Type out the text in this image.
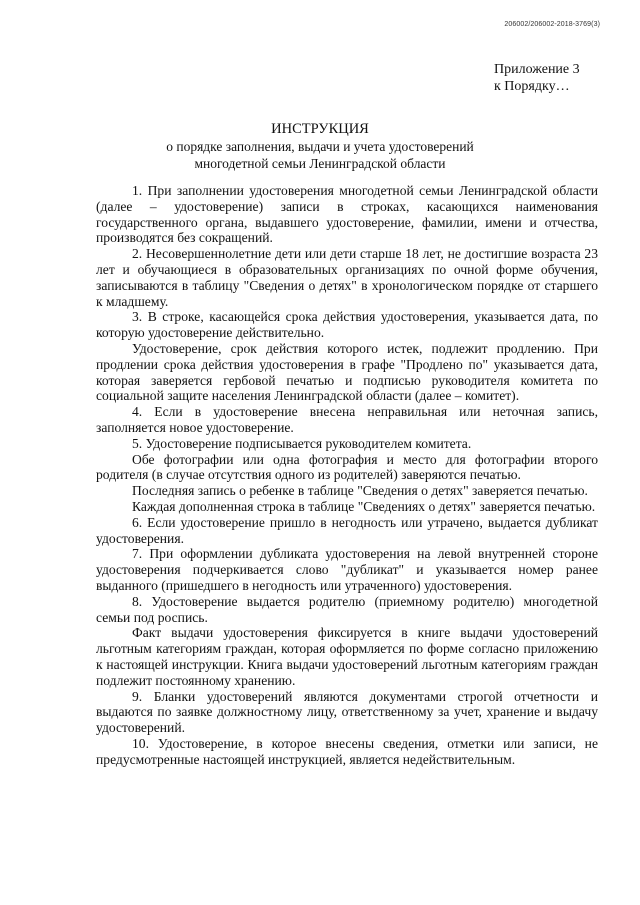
206002/206002-2018-3769(3)
Приложение 3
к Порядку…
ИНСТРУКЦИЯ
о порядке заполнения, выдачи и учета удостоверений
многодетной семьи Ленинградской области

1. При заполнении удостоверения многодетной семьи Ленинградской области (далее – удостоверение) записи в строках, касающихся наименования государственного органа, выдавшего удостоверение, фамилии, имени и отчества, производятся без сокращений.

2. Несовершеннолетние дети или дети старше 18 лет, не достигшие возраста 23 лет и обучающиеся в образовательных организациях по очной форме обучения, записываются в таблицу "Сведения о детях" в хронологическом порядке от старшего к младшему.

3. В строке, касающейся срока действия удостоверения, указывается дата, по которую удостоверение действительно.

Удостоверение, срок действия которого истек, подлежит продлению. При продлении срока действия удостоверения в графе "Продлено по" указывается дата, которая заверяется гербовой печатью и подписью руководителя комитета по социальной защите населения Ленинградской области (далее – комитет).

4. Если в удостоверение внесена неправильная или неточная запись, заполняется новое удостоверение.

5. Удостоверение подписывается руководителем комитета.

Обе фотографии или одна фотография и место для фотографии второго родителя (в случае отсутствия одного из родителей) заверяются печатью.

Последняя запись о ребенке в таблице "Сведения о детях" заверяется печатью.

Каждая дополненная строка в таблице "Сведениях о детях" заверяется печатью.

6. Если удостоверение пришло в негодность или утрачено, выдается дубликат удостоверения.

7. При оформлении дубликата удостоверения на левой внутренней стороне удостоверения подчеркивается слово "дубликат" и указывается номер ранее выданного (пришедшего в негодность или утраченного) удостоверения.

8. Удостоверение выдается родителю (приемному родителю) многодетной семьи под роспись.

Факт выдачи удостоверения фиксируется в книге выдачи удостоверений льготным категориям граждан, которая оформляется по форме согласно приложению к настоящей инструкции. Книга выдачи удостоверений льготным категориям граждан подлежит постоянному хранению.

9. Бланки удостоверений являются документами строгой отчетности и выдаются по заявке должностному лицу, ответственному за учет, хранение и выдачу удостоверений.

10. Удостоверение, в которое внесены сведения, отметки или записи, не предусмотренные настоящей инструкцией, является недействительным.
